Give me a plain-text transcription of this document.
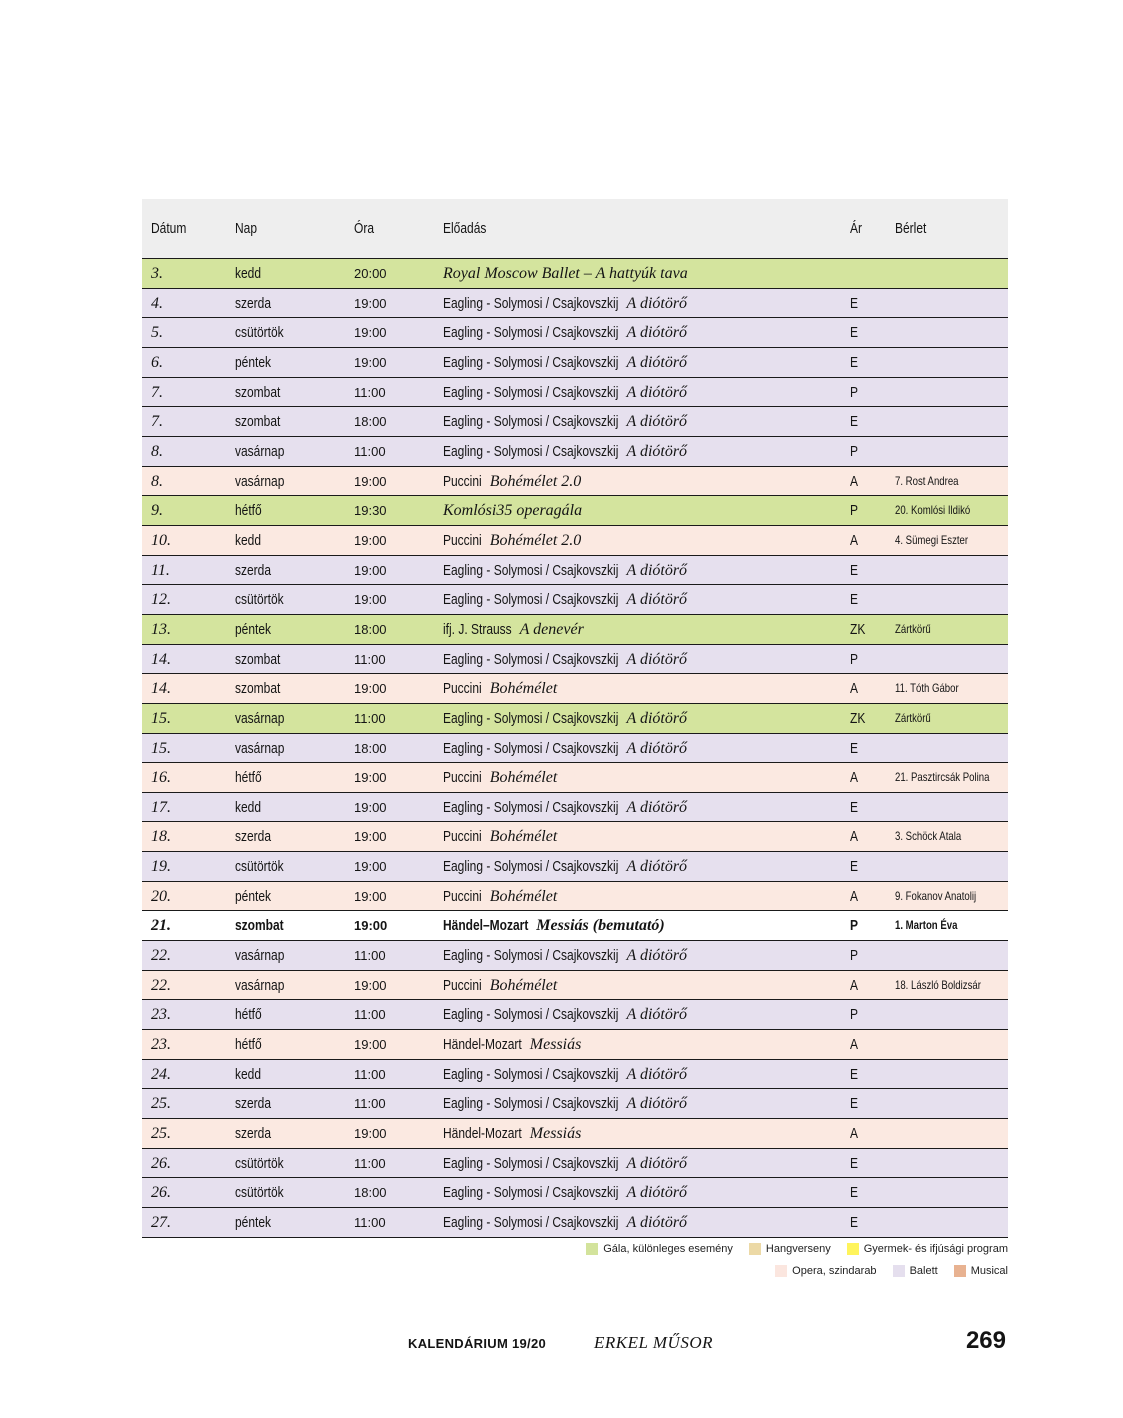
Dátum	Nap	Óra	Előadás	Ár Bérlet
3.	kedd	20:00	Royal Moscow Ballet – A hattyúk tava
4.	szerda	19:00	Eagling - Solymosi / Csajkovszkij A diótörő	E
5.	csütörtök	19:00	Eagling - Solymosi / Csajkovszkij A diótörő	E
6.	péntek	19:00	Eagling - Solymosi / Csajkovszkij A diótörő	E
7.	szombat	11:00	Eagling - Solymosi / Csajkovszkij A diótörő	P
7.	szombat	18:00	Eagling - Solymosi / Csajkovszkij A diótörő	E
8.	vasárnap	11:00	Eagling - Solymosi / Csajkovszkij A diótörő	P
8.	vasárnap	19:00	Puccini Bohémélet 2.0	A	7. Rost Andrea
9.	hétfő	19:30	Komlósi35 operagála	P	20. Komlósi Ildikó
10.	kedd	19:00	Puccini Bohémélet 2.0	A	4. Sümegi Eszter
11.	szerda	19:00	Eagling - Solymosi / Csajkovszkij A diótörő	E
12.	csütörtök	19:00	Eagling - Solymosi / Csajkovszkij A diótörő	E
13.	péntek	18:00	ifj. J. Strauss A denevér	ZK Zártkörű
14.	szombat	11:00	Eagling - Solymosi / Csajkovszkij A diótörő	P
14.	szombat	19:00	Puccini Bohémélet	A	11. Tóth Gábor
15.	vasárnap	11:00	Eagling - Solymosi / Csajkovszkij A diótörő	ZK Zártkörű
15.	vasárnap	18:00	Eagling - Solymosi / Csajkovszkij A diótörő	E
16.	hétfő	19:00	Puccini Bohémélet	A	21. Pasztircsák Polina
17.	kedd	19:00	Eagling - Solymosi / Csajkovszkij A diótörő	E
18.	szerda	19:00	Puccini Bohémélet	A	3. Schöck Atala
19.	csütörtök	19:00	Eagling - Solymosi / Csajkovszkij A diótörő	E
20.	péntek	19:00	Puccini Bohémélet	A	9. Fokanov Anatolij
21.	szombat	19:00	Händel–Mozart Messiás (bemutató)	P	1. Marton Éva
22.	vasárnap	11:00	Eagling - Solymosi / Csajkovszkij A diótörő	P
22.	vasárnap	19:00	Puccini Bohémélet	A	18. László Boldizsár
23.	hétfő	11:00	Eagling - Solymosi / Csajkovszkij A diótörő	P
23.	hétfő	19:00	Händel-Mozart Messiás	A
24.	kedd	11:00	Eagling - Solymosi / Csajkovszkij A diótörő	E
25.	szerda	11:00	Eagling - Solymosi / Csajkovszkij A diótörő	E
25.	szerda	19:00	Händel-Mozart Messiás	A
26.	csütörtök	11:00	Eagling - Solymosi / Csajkovszkij A diótörő	E
26.	csütörtök	18:00	Eagling - Solymosi / Csajkovszkij A diótörő	E
27.	péntek	11:00	Eagling - Solymosi / Csajkovszkij A diótörő	E
Gála, különleges esemény	Hangverseny	Gyermek- és ifjúsági program
Opera, szindarab	Balett	Musical
KALENDÁRIUM 19/20	ERKEL MŰSOR	269
